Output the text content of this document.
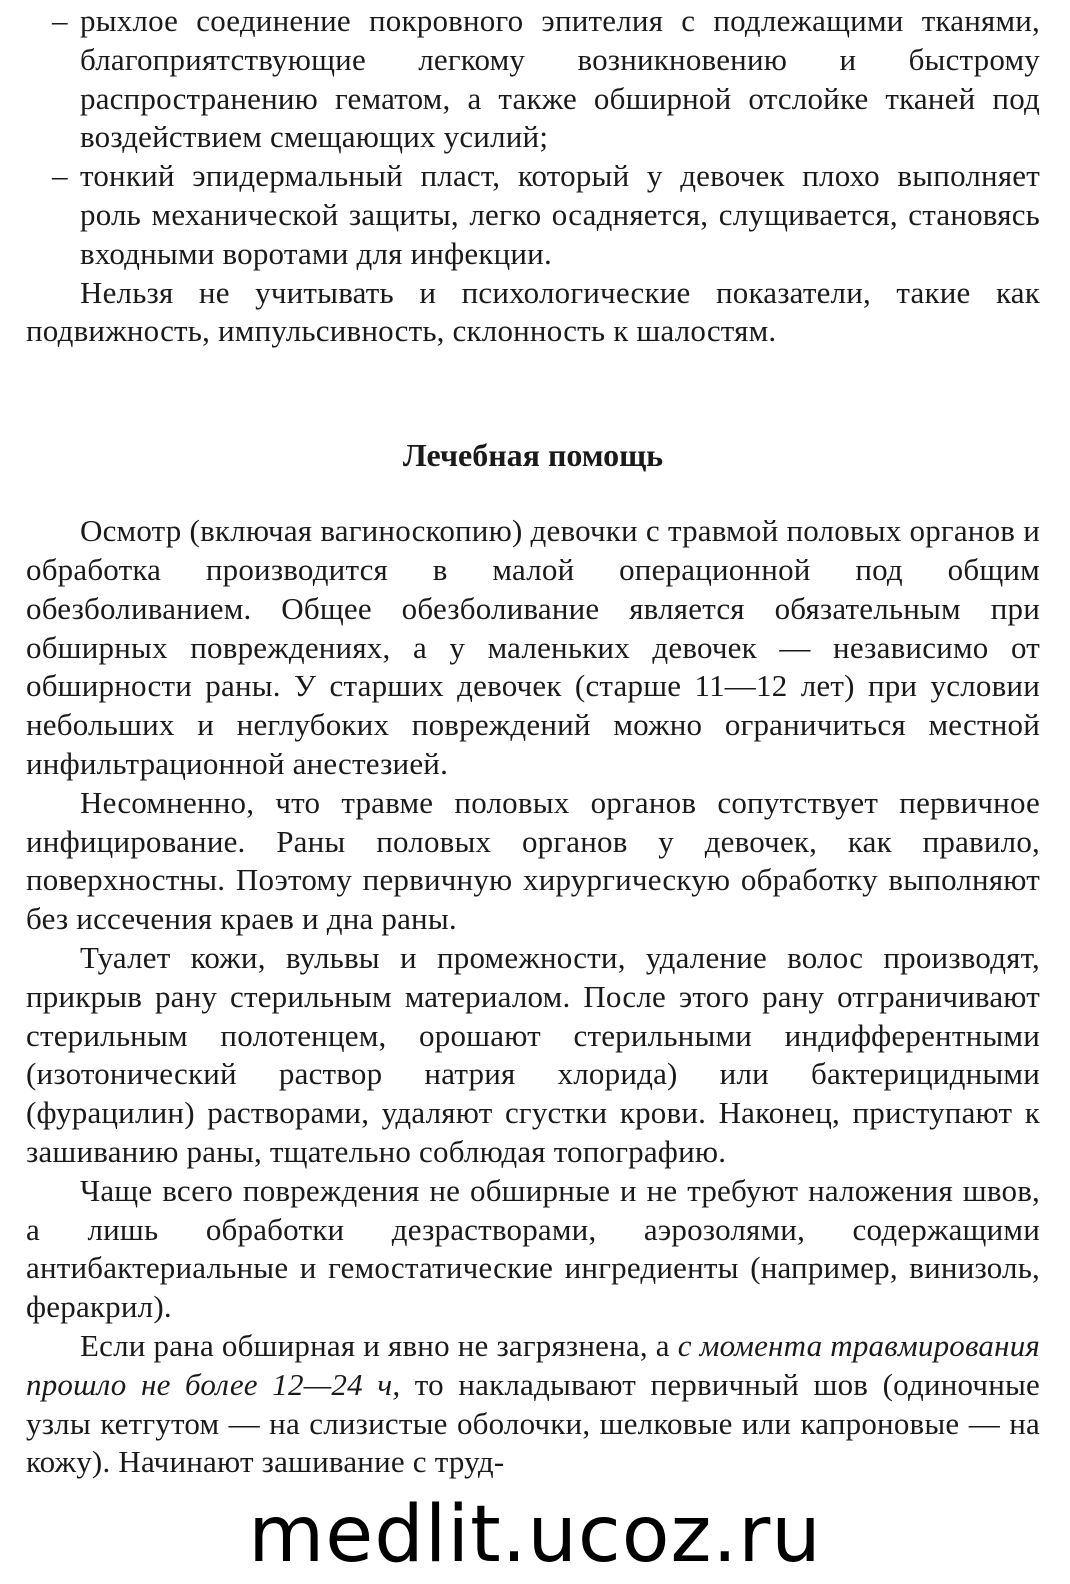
– рыхлое соединение покровного эпителия с подлежащими тканями, благоприятствующие легкому возникновению и быстрому распространению гематом, а также обширной отслойке тканей под воздействием смещающих усилий;
– тонкий эпидермальный пласт, который у девочек плохо выполняет роль механической защиты, легко осадняется, слущивается, становясь входными воротами для инфекции.

Нельзя не учитывать и психологические показатели, такие как подвижность, импульсивность, склонность к шалостям.

Лечебная помощь

Осмотр (включая вагиноскопию) девочки с травмой половых органов и обработка производится в малой операционной под общим обезболиванием. Общее обезболивание является обязательным при обширных повреждениях, а у маленьких девочек — независимо от обширности раны. У старших девочек (старше 11—12 лет) при условии небольших и неглубоких повреждений можно ограничиться местной инфильтрационной анестезией.

Несомненно, что травме половых органов сопутствует первичное инфицирование. Раны половых органов у девочек, как правило, поверхностны. Поэтому первичную хирургическую обработку выполняют без иссечения краев и дна раны.

Туалет кожи, вульвы и промежности, удаление волос производят, прикрыв рану стерильным материалом. После этого рану отграничивают стерильным полотенцем, орошают стерильными индифферентными (изотонический раствор натрия хлорида) или бактерицидными (фурацилин) растворами, удаляют сгустки крови. Наконец, приступают к зашиванию раны, тщательно соблюдая топографию.

Чаще всего повреждения не обширные и не требуют наложения швов, а лишь обработки дезрастворами, аэрозолями, содержащими антибактериальные и гемостатические ингредиенты (например, винизоль, феракрил).

Если рана обширная и явно не загрязнена, а с момента травмирования прошло не более 12—24 ч, то накладывают первичный шов (одиночные узлы кетгутом — на слизистые оболочки, шелковые или капроновые — на кожу). Начинают зашивание с труд-

medlit.ucoz.ru
